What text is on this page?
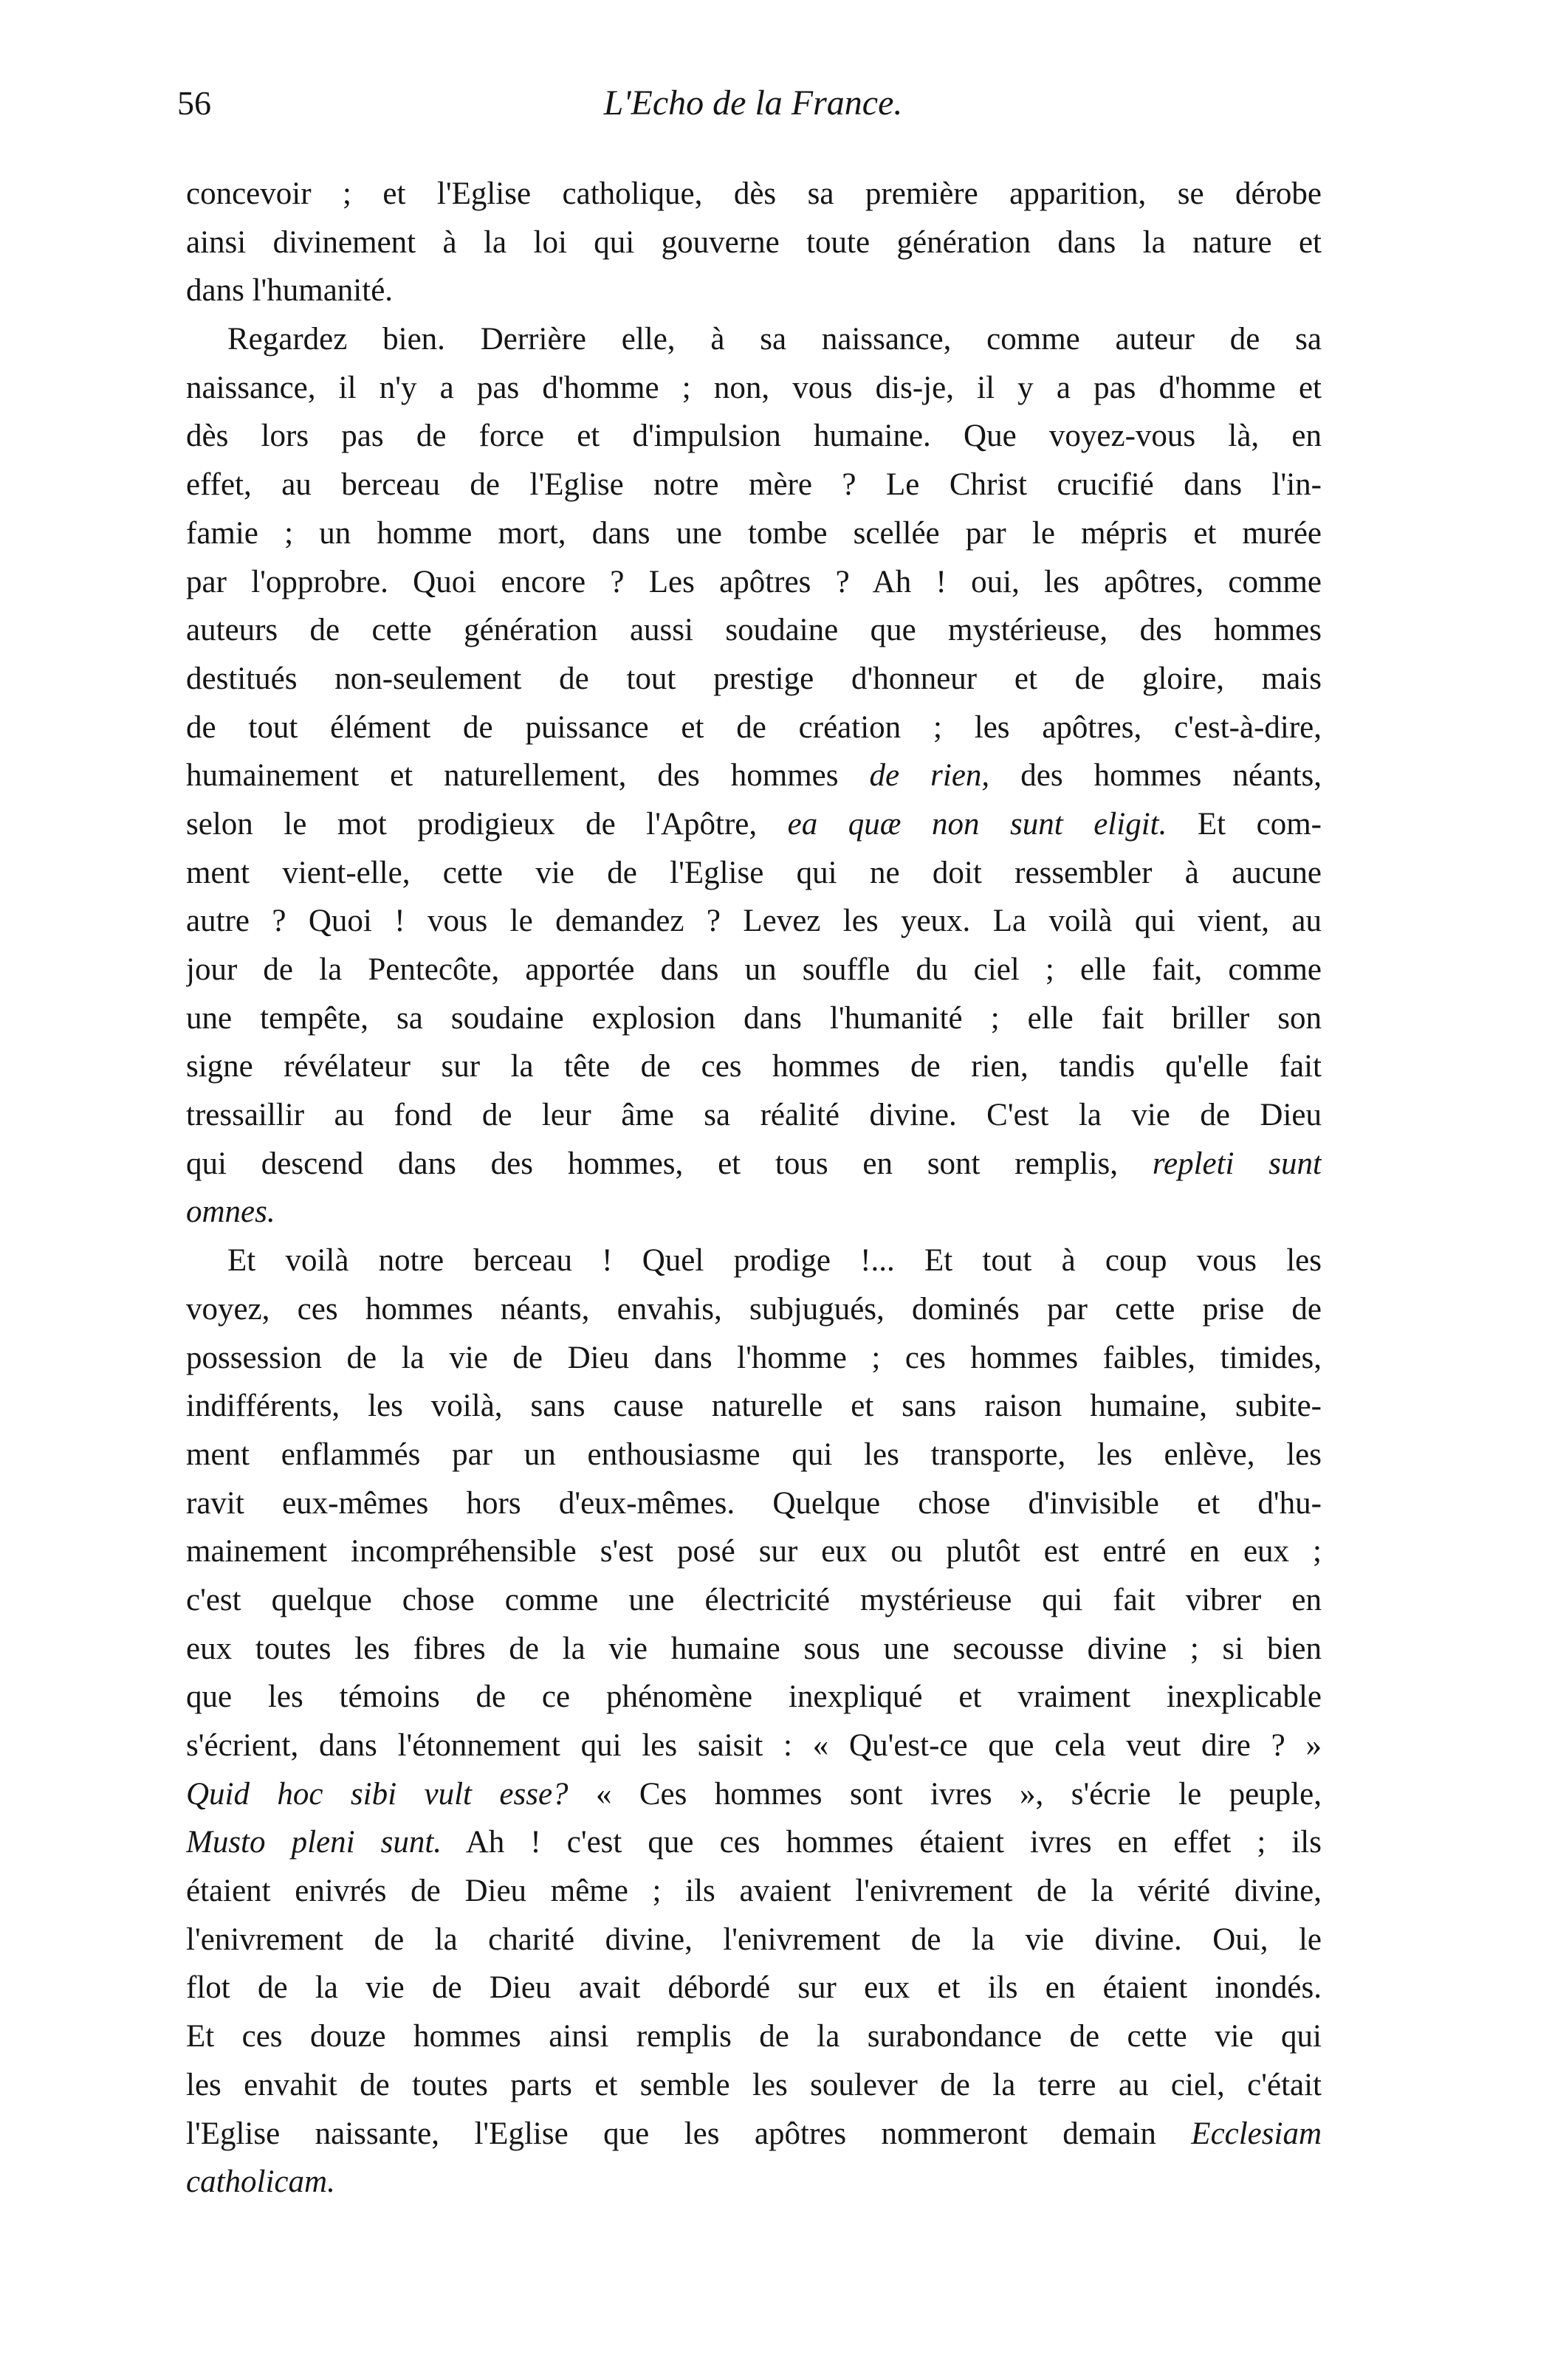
56	L'Echo de la France.
concevoir ; et l'Eglise catholique, dès sa première apparition, se dérobe
ainsi divinement à la loi qui gouverne toute génération dans la nature et
dans l'humanité.
Regardez bien. Derrière elle, à sa naissance, comme auteur de sa
naissance, il n'y a pas d'homme ; non, vous dis-je, il y a pas d'homme et
dès lors pas de force et d'impulsion humaine. Que voyez-vous là, en
effet, au berceau de l'Eglise notre mère ? Le Christ crucifié dans l'in-
famie ; un homme mort, dans une tombe scellée par le mépris et murée
par l'opprobre. Quoi encore ? Les apôtres ? Ah ! oui, les apôtres, comme
auteurs de cette génération aussi soudaine que mystérieuse, des hommes
destitués non-seulement de tout prestige d'honneur et de gloire, mais
de tout élément de puissance et de création ; les apôtres, c'est-à-dire,
humainement et naturellement, des hommes de rien, des hommes néants,
selon le mot prodigieux de l'Apôtre, ea quæ non sunt eligit. Et com-
ment vient-elle, cette vie de l'Eglise qui ne doit ressembler à aucune
autre ? Quoi ! vous le demandez ? Levez les yeux. La voilà qui vient, au
jour de la Pentecôte, apportée dans un souffle du ciel ; elle fait, comme
une tempête, sa soudaine explosion dans l'humanité ; elle fait briller son
signe révélateur sur la tête de ces hommes de rien, tandis qu'elle fait
tressaillir au fond de leur âme sa réalité divine. C'est la vie de Dieu
qui descend dans des hommes, et tous en sont remplis, repleti sunt
omnes.
Et voilà notre berceau ! Quel prodige !... Et tout à coup vous les
voyez, ces hommes néants, envahis, subjugués, dominés par cette prise de
possession de la vie de Dieu dans l'homme ; ces hommes faibles, timides,
indifférents, les voilà, sans cause naturelle et sans raison humaine, subite-
ment enflammés par un enthousiasme qui les transporte, les enlève, les
ravit eux-mêmes hors d'eux-mêmes. Quelque chose d'invisible et d'hu-
mainement incompréhensible s'est posé sur eux ou plutôt est entré en eux ;
c'est quelque chose comme une électricité mystérieuse qui fait vibrer en
eux toutes les fibres de la vie humaine sous une secousse divine ; si bien
que les témoins de ce phénomène inexpliqué et vraiment inexplicable
s'écrient, dans l'étonnement qui les saisit : « Qu'est-ce que cela veut dire ? »
Quid hoc sibi vult esse? « Ces hommes sont ivres », s'écrie le peuple,
Musto pleni sunt. Ah ! c'est que ces hommes étaient ivres en effet ; ils
étaient enivrés de Dieu même ; ils avaient l'enivrement de la vérité divine,
l'enivrement de la charité divine, l'enivrement de la vie divine. Oui, le
flot de la vie de Dieu avait débordé sur eux et ils en étaient inondés.
Et ces douze hommes ainsi remplis de la surabondance de cette vie qui
les envahit de toutes parts et semble les soulever de la terre au ciel, c'était
l'Eglise naissante, l'Eglise que les apôtres nommeront demain Ecclesiam
catholicam.
